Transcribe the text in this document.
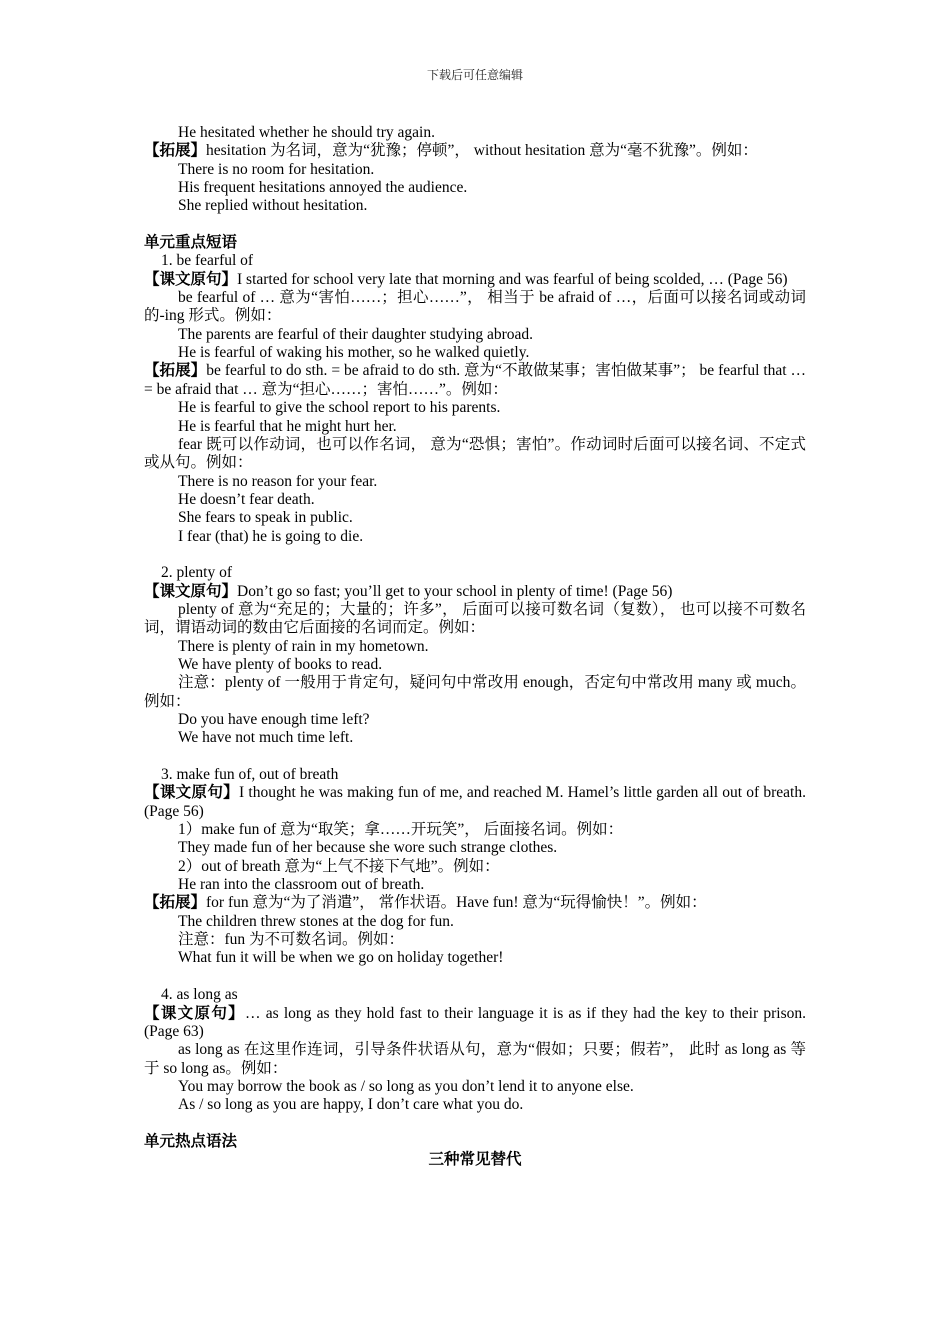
下载后可任意编辑

He hesitated whether he should try again.

【拓展】hesitation 为名词，意为“犹豫；停顿”， without hesitation 意为“毫不犹豫”。例如：

There is no room for hesitation.

His frequent hesitations annoyed the audience.

She replied without hesitation.

单元重点短语

1. be fearful of

【课文原句】I started for school very late that morning and was fearful of being scolded, … (Page 56)

be fearful of … 意为“害怕……；担心……”， 相当于 be afraid of …，后面可以接名词或动词的-ing 形式。例如：

The parents are fearful of their daughter studying abroad.

He is fearful of waking his mother, so he walked quietly.

【拓展】be fearful to do sth. = be afraid to do sth. 意为“不敢做某事；害怕做某事”； be fearful that … = be afraid that … 意为“担心……；害怕……”。例如：

He is fearful to give the school report to his parents.

He is fearful that he might hurt her.

fear 既可以作动词，也可以作名词， 意为“恐惧；害怕”。作动词时后面可以接名词、不定式或从句。例如：

There is no reason for your fear.

He doesn’t fear death.

She fears to speak in public.

I fear (that) he is going to die.

2. plenty of

【课文原句】Don’t go so fast; you’ll get to your school in plenty of time! (Page 56)

plenty of 意为“充足的；大量的；许多”， 后面可以接可数名词（复数）， 也可以接不可数名词，谓语动词的数由它后面接的名词而定。例如：

There is plenty of rain in my hometown.

We have plenty of books to read.

注意：plenty of 一般用于肯定句，疑问句中常改用 enough，否定句中常改用 many 或 much。例如：

Do you have enough time left?

We have not much time left.

3. make fun of, out of breath

【课文原句】I thought he was making fun of me, and reached M. Hamel’s little garden all out of breath. (Page 56)

1）make fun of 意为“取笑；拿……开玩笑”， 后面接名词。例如：

They made fun of her because she wore such strange clothes.

2）out of breath 意为“上气不接下气地”。例如：

He ran into the classroom out of breath.

【拓展】for fun 意为“为了消遣”， 常作状语。Have fun! 意为“玩得愉快！”。例如：

The children threw stones at the dog for fun.

注意：fun 为不可数名词。例如：

What fun it will be when we go on holiday together!

4. as long as

【课文原句】… as long as they hold fast to their language it is as if they had the key to their prison. (Page 63)

as long as 在这里作连词，引导条件状语从句，意为“假如；只要；假若”， 此时 as long as 等于 so long as。例如：

You may borrow the book as / so long as you don’t lend it to anyone else.

As / so long as you are happy, I don’t care what you do.

单元热点语法

三种常见替代
